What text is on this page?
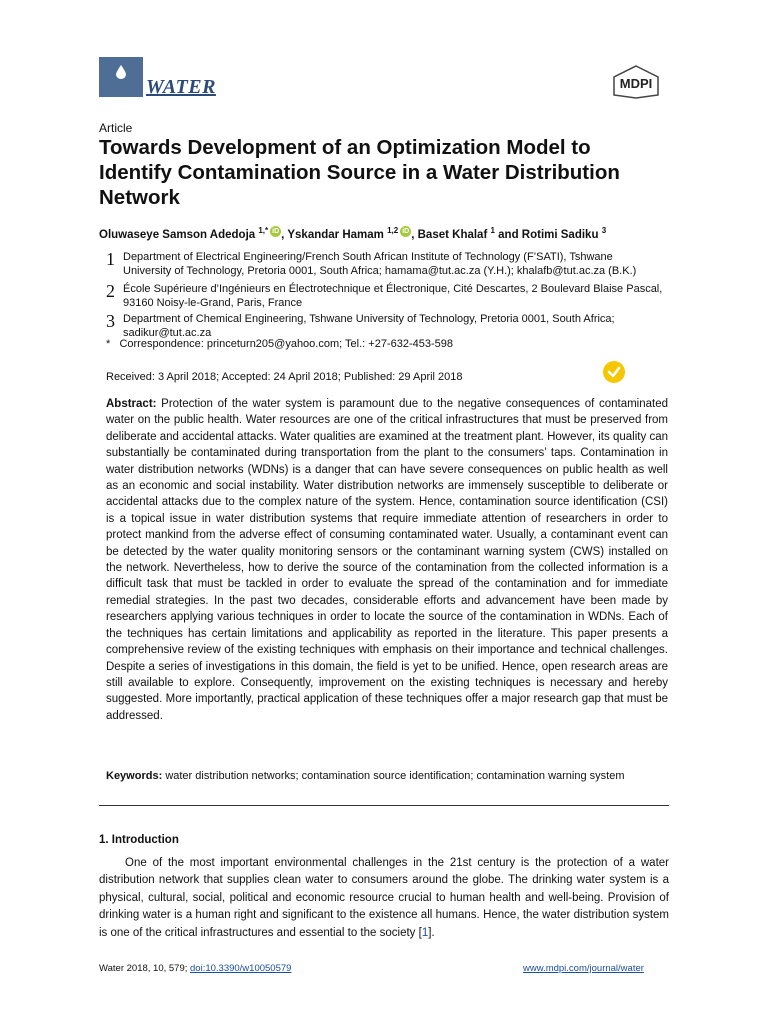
WATER	MDPI
Article
Towards Development of an Optimization Model to Identify Contamination Source in a Water Distribution Network
Oluwaseye Samson Adedoja $^{1,*}$ iD , Yskandar Hamam $^{1,2}$ iD , Baset Khalaf $^1$ and Rotimi Sadiku $^3$
1 Department of Electrical Engineering/French South African Institute of Technology (F’SATI), Tshwane University of Technology, Pretoria 0001, South Africa; hamama@tut.ac.za (Y.H.); khalafb@tut.ac.za (B.K.)
2 École Supérieure d’Ingénieurs en Électrotechnique et Électronique, Cité Descartes, 2 Boulevard Blaise Pascal, 93160 Noisy-le-Grand, Paris, France
3 Department of Chemical Engineering, Tshwane University of Technology, Pretoria 0001, South Africa; sadikur@tut.ac.za
*   Correspondence: princeturn205@yahoo.com; Tel.: +27-632-453-598
Received: 3 April 2018; Accepted: 24 April 2018; Published: 29 April 2018
Abstract: Protection of the water system is paramount due to the negative consequences of contaminated water on the public health. Water resources are one of the critical infrastructures that must be preserved from deliberate and accidental attacks. Water qualities are examined at the treatment plant. However, its quality can substantially be contaminated during transportation from the plant to the consumers’ taps. Contamination in water distribution networks (WDNs) is a danger that can have severe consequences on public health as well as an economic and social instability. Water distribution networks are immensely susceptible to deliberate or accidental attacks due to the complex nature of the system. Hence, contamination source identification (CSI) is a topical issue in water distribution systems that require immediate attention of researchers in order to protect mankind from the adverse effect of consuming contaminated water. Usually, a contaminant event can be detected by the water quality monitoring sensors or the contaminant warning system (CWS) installed on the network. Nevertheless, how to derive the source of the contamination from the collected information is a difficult task that must be tackled in order to evaluate the spread of the contamination and for immediate remedial strategies. In the past two decades, considerable efforts and advancement have been made by researchers applying various techniques in order to locate the source of the contamination in WDNs. Each of the techniques has certain limitations and applicability as reported in the literature. This paper presents a comprehensive review of the existing techniques with emphasis on their importance and technical challenges. Despite a series of investigations in this domain, the field is yet to be unified. Hence, open research areas are still available to explore. Consequently, improvement on the existing techniques is necessary and hereby suggested. More importantly, practical application of these techniques offer a major research gap that must be addressed.
Keywords: water distribution networks; contamination source identification; contamination warning system
1. Introduction
One of the most important environmental challenges in the 21st century is the protection of a water distribution network that supplies clean water to consumers around the globe. The drinking water system is a physical, cultural, social, political and economic resource crucial to human health and well-being. Provision of drinking water is a human right and significant to the existence all humans. Hence, the water distribution system is one of the critical infrastructures and essential to the society [1].
Water 2018, 10, 579; doi:10.3390/w10050579	www.mdpi.com/journal/water
